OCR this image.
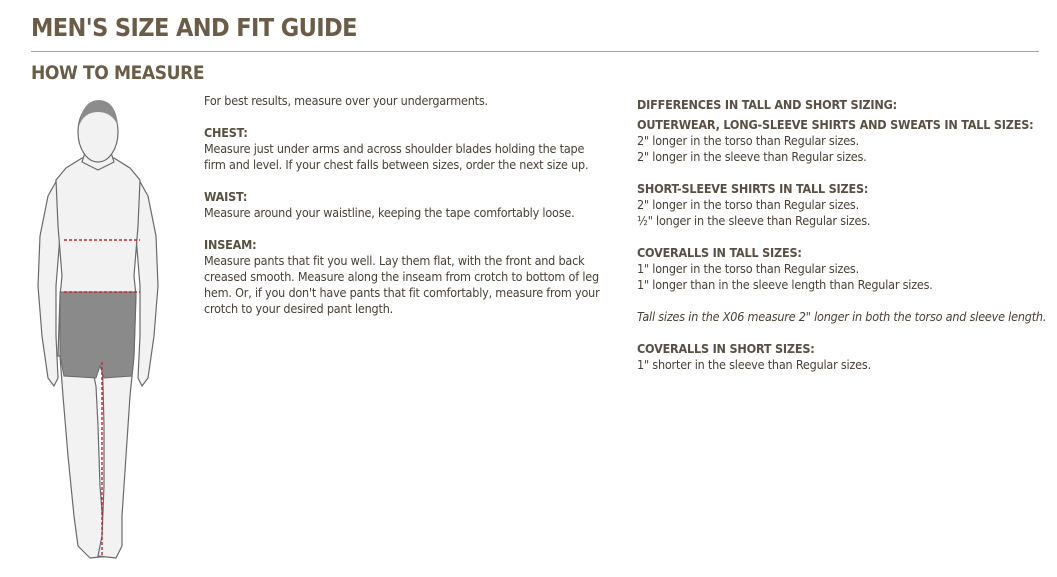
MEN'S SIZE AND FIT GUIDE
HOW TO MEASURE

For best results, measure over your undergarments.

CHEST:

Measure just under arms and across shoulder blades holding the tape firm and level. If your chest falls between sizes, order the next size up.

WAIST:

Measure around your waistline, keeping the tape comfortably loose.

INSEAM:

Measure pants that fit you well. Lay them flat, with the front and back creased smooth. Measure along the inseam from crotch to bottom of leg hem. Or, if you don't have pants that fit comfortably, measure from your crotch to your desired pant length.

DIFFERENCES IN TALL AND SHORT SIZING:

OUTERWEAR, LONG-SLEEVE SHIRTS AND SWEATS IN TALL SIZES:

2" longer in the torso than Regular sizes.

2" longer in the sleeve than Regular sizes.

SHORT-SLEEVE SHIRTS IN TALL SIZES:

2" longer in the torso than Regular sizes.

½" longer in the sleeve than Regular sizes.

COVERALLS IN TALL SIZES:

1" longer in the torso than Regular sizes.

1" longer than in the sleeve length than Regular sizes.

Tall sizes in the X06 measure 2" longer in both the torso and sleeve length.

COVERALLS IN SHORT SIZES:

1" shorter in the sleeve than Regular sizes.
